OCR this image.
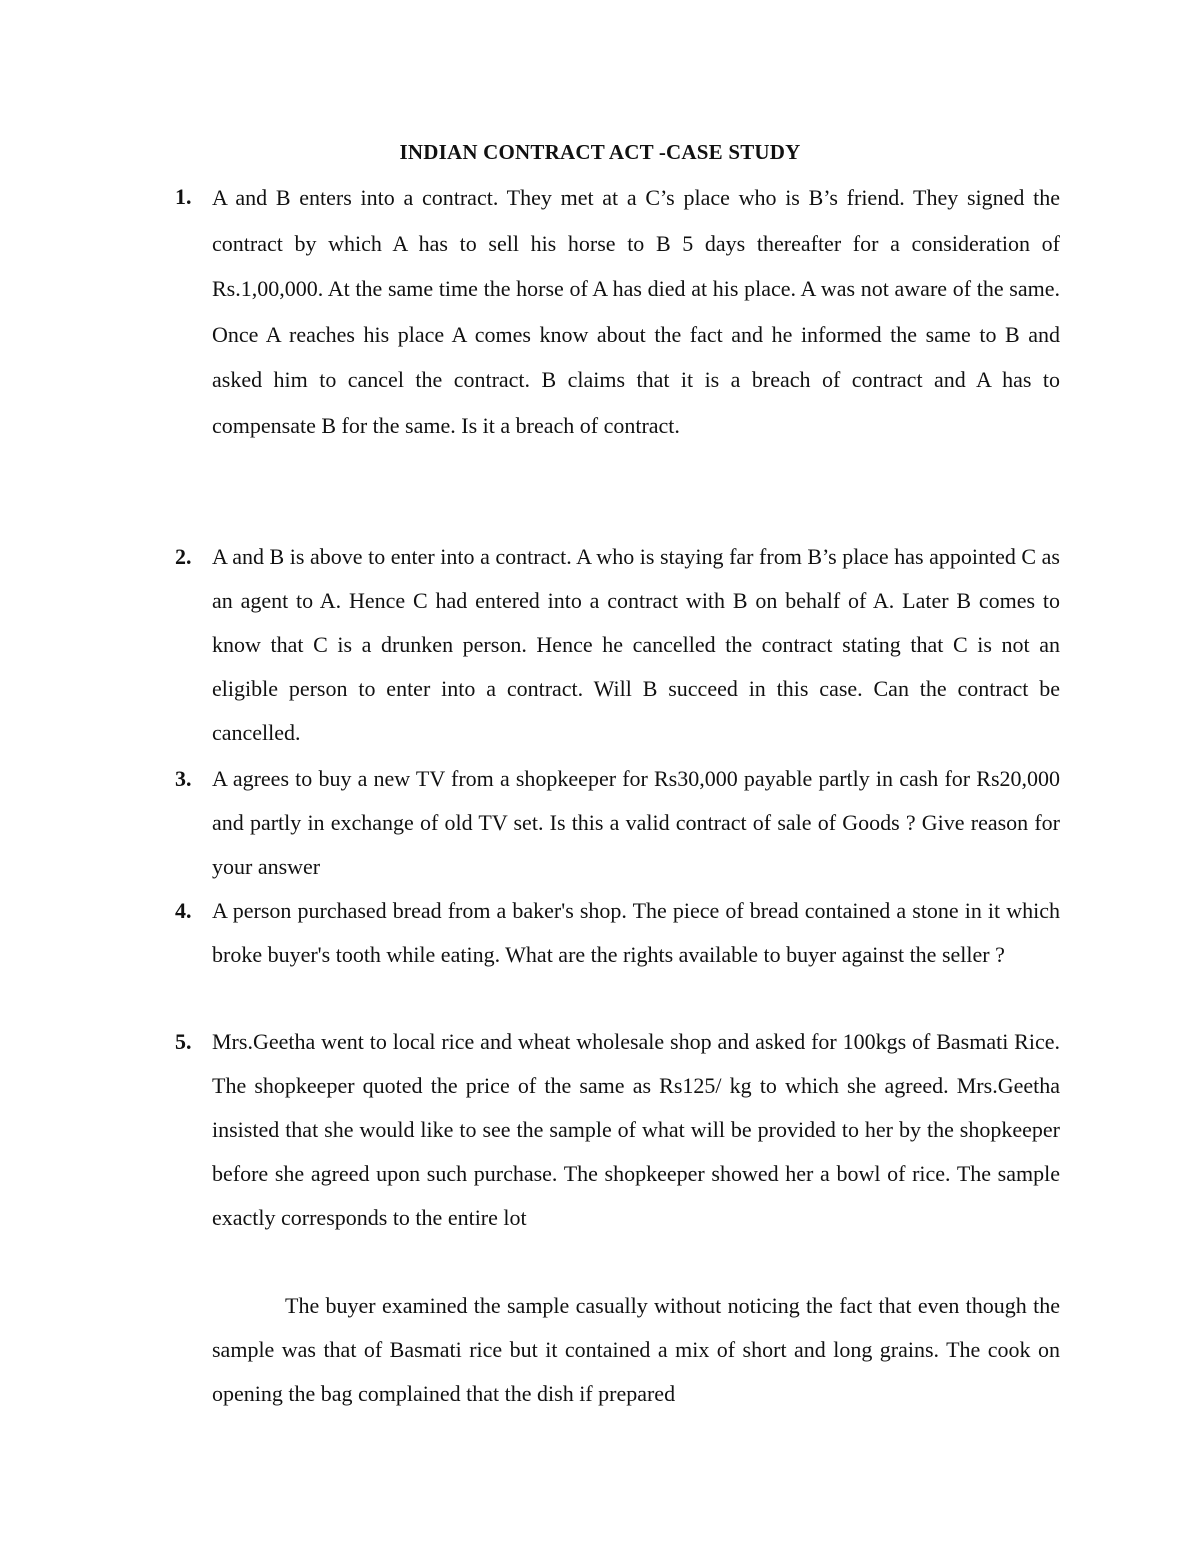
INDIAN CONTRACT ACT -CASE STUDY
1. A and B enters into a contract. They met at a C’s place who is B’s friend. They signed the contract by which A has to sell his horse to B 5 days thereafter for a consideration of Rs.1,00,000. At the same time the horse of A has died at his place. A was not aware of the same. Once A reaches his place A comes know about the fact and he informed the same to B and asked him to cancel the contract. B claims that it is a breach of contract and A has to compensate B for the same. Is it a breach of contract.
2. A and B is above to enter into a contract. A who is staying far from B’s place has appointed C as an agent to A. Hence C had entered into a contract with B on behalf of A. Later B comes to know that C is a drunken person. Hence he cancelled the contract stating that C is not an eligible person to enter into a contract. Will B succeed in this case. Can the contract be cancelled.
3. A agrees to buy a new TV from a shopkeeper for Rs30,000 payable partly in cash for Rs20,000 and partly in exchange of old TV set. Is this a valid contract of sale of Goods ? Give reason for your answer
4. A person purchased bread from a baker's shop. The piece of bread contained a stone in it which broke buyer's tooth while eating. What are the rights available to buyer against the seller ?
5. Mrs.Geetha went to local rice and wheat wholesale shop and asked for 100kgs of Basmati Rice. The shopkeeper quoted the price of the same as Rs125/ kg to which she agreed. Mrs.Geetha insisted that she would like to see the sample of what will be provided to her by the shopkeeper before she agreed upon such purchase. The shopkeeper showed her a bowl of rice. The sample exactly corresponds to the entire lot
The buyer examined the sample casually without noticing the fact that even though the sample was that of Basmati rice but it contained a mix of short and long grains. The cook on opening the bag complained that the dish if prepared
